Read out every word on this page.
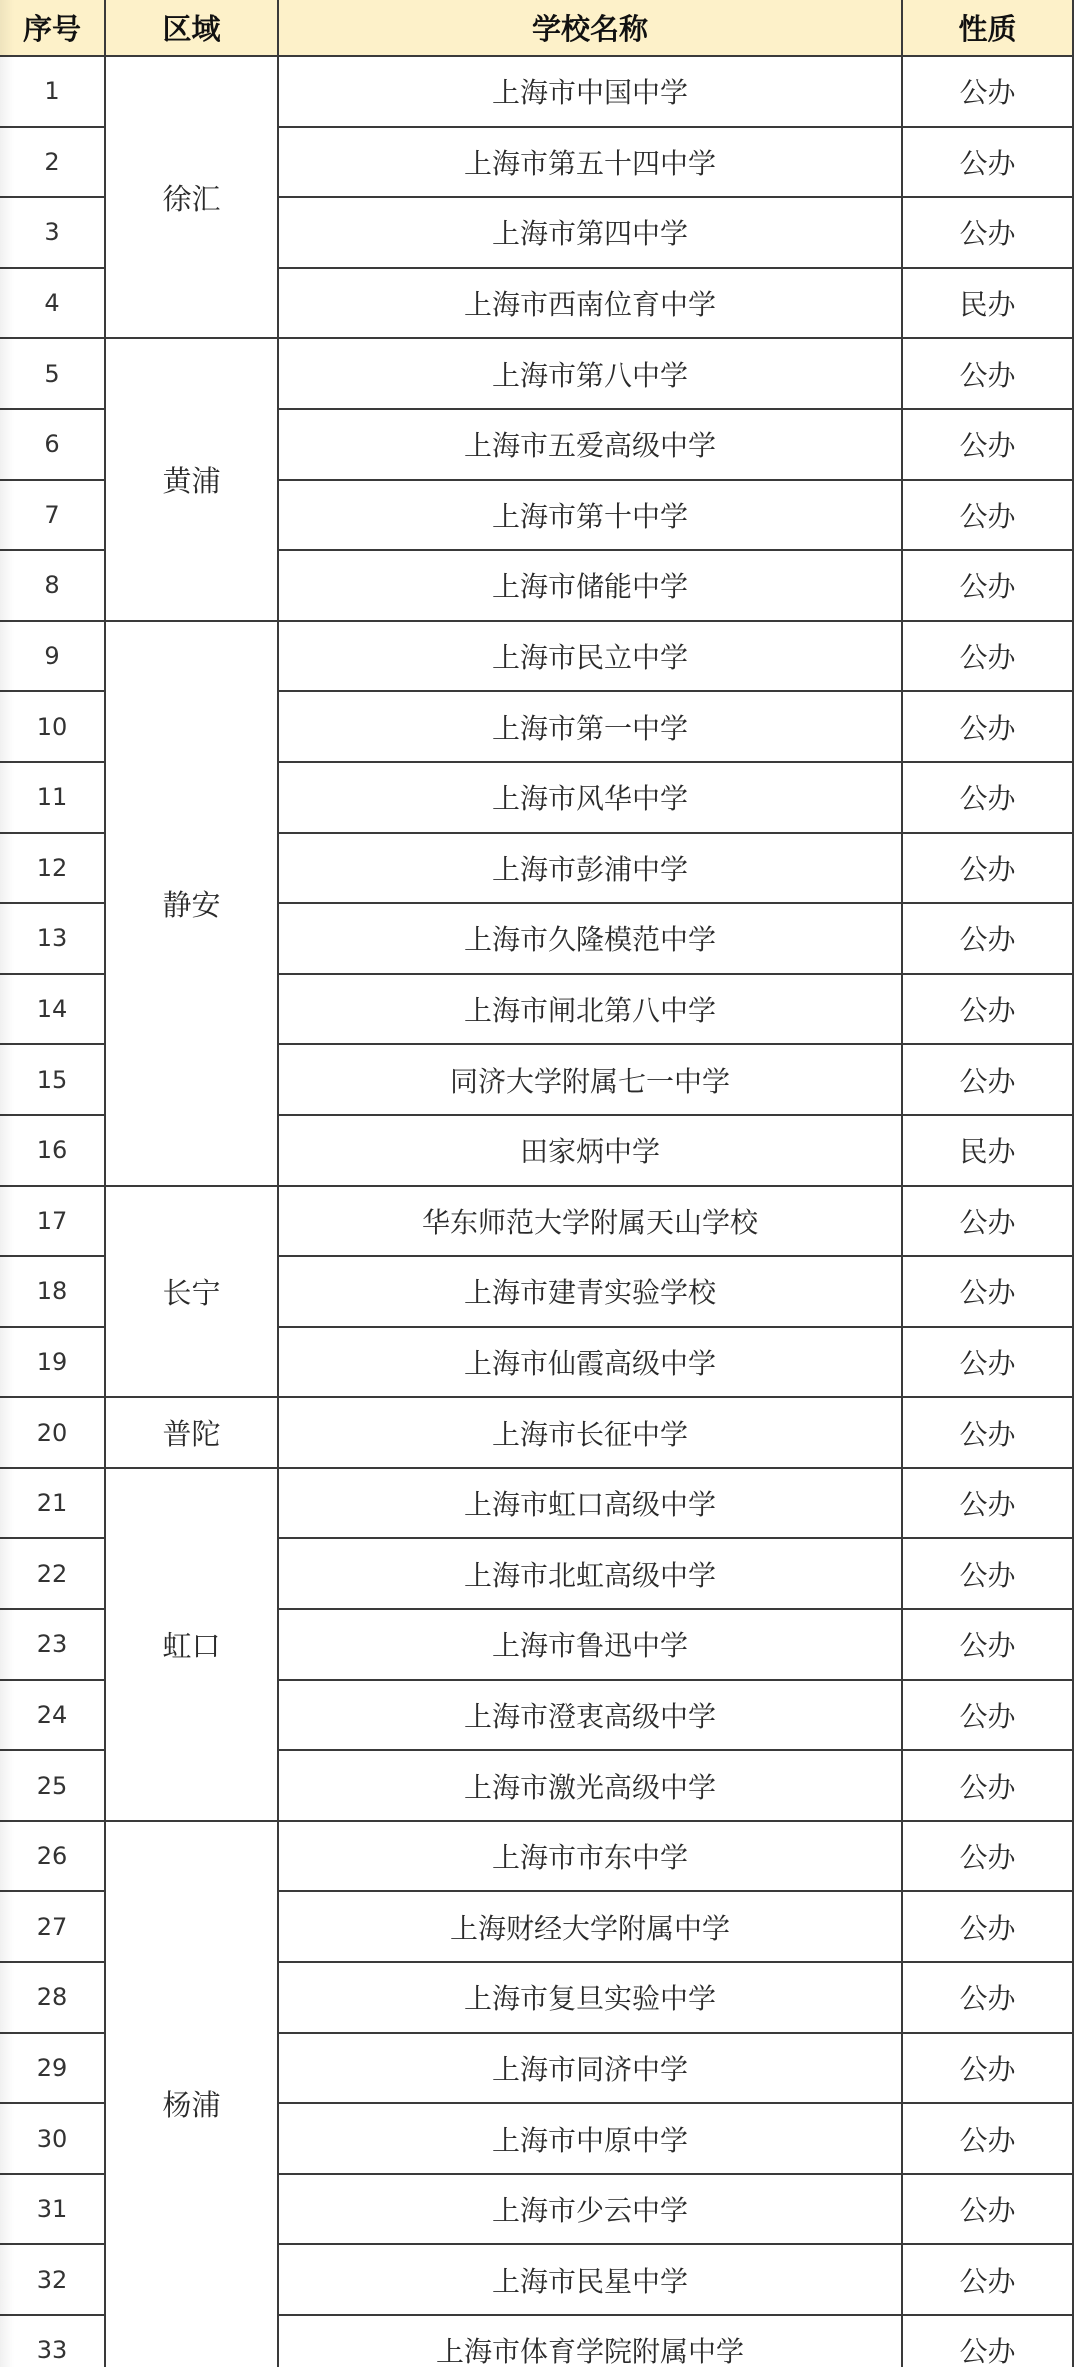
序号	区域	学校名称	性质
1	徐汇	上海市中国中学	公办
2		上海市第五十四中学	公办
3		上海市第四中学	公办
4		上海市西南位育中学	民办
5	黄浦	上海市第八中学	公办
6		上海市五爱高级中学	公办
7		上海市第十中学	公办
8		上海市储能中学	公办
9	静安	上海市民立中学	公办
10		上海市第一中学	公办
11		上海市风华中学	公办
12		上海市彭浦中学	公办
13		上海市久隆模范中学	公办
14		上海市闸北第八中学	公办
15		同济大学附属七一中学	公办
16		田家炳中学	民办
17	长宁	华东师范大学附属天山学校	公办
18		上海市建青实验学校	公办
19		上海市仙霞高级中学	公办
20	普陀	上海市长征中学	公办
21	虹口	上海市虹口高级中学	公办
22		上海市北虹高级中学	公办
23		上海市鲁迅中学	公办
24		上海市澄衷高级中学	公办
25		上海市激光高级中学	公办
26	杨浦	上海市市东中学	公办
27		上海财经大学附属中学	公办
28		上海市复旦实验中学	公办
29		上海市同济中学	公办
30		上海市中原中学	公办
31		上海市少云中学	公办
32		上海市民星中学	公办
33		上海市体育学院附属中学	公办
